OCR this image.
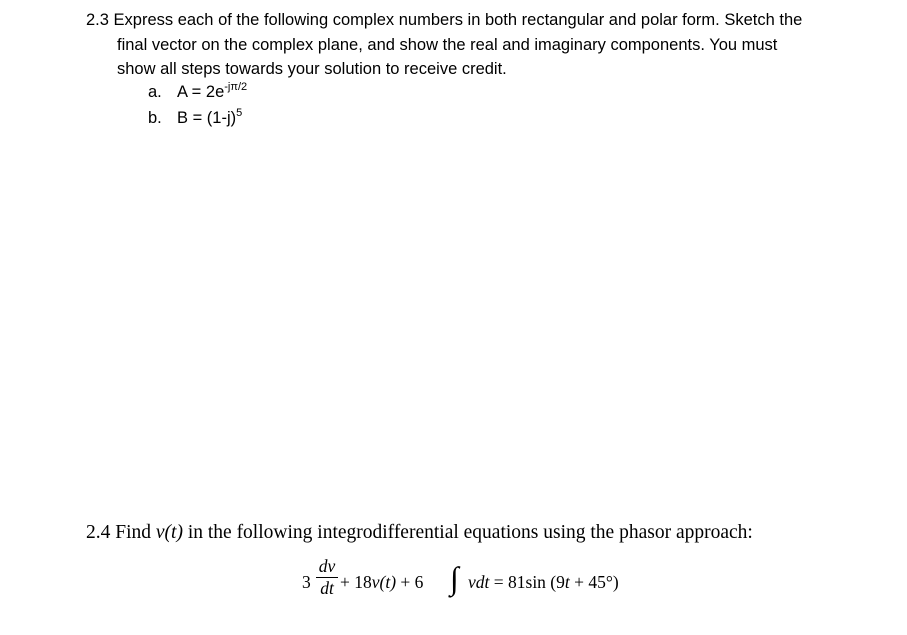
2.3 Express each of the following complex numbers in both rectangular and polar form. Sketch the
final vector on the complex plane, and show the real and imaginary components. You must
show all steps towards your solution to receive credit.
a. $A = 2e^{-j\pi/2}$
b. $B = (1-j)^5$
2.4 Find v(t) in the following integrodifferential equations using the phasor approach:
3
dv
dt + 18v(t) + 6 ∫ vdt = 81sin (9t + 45°)
